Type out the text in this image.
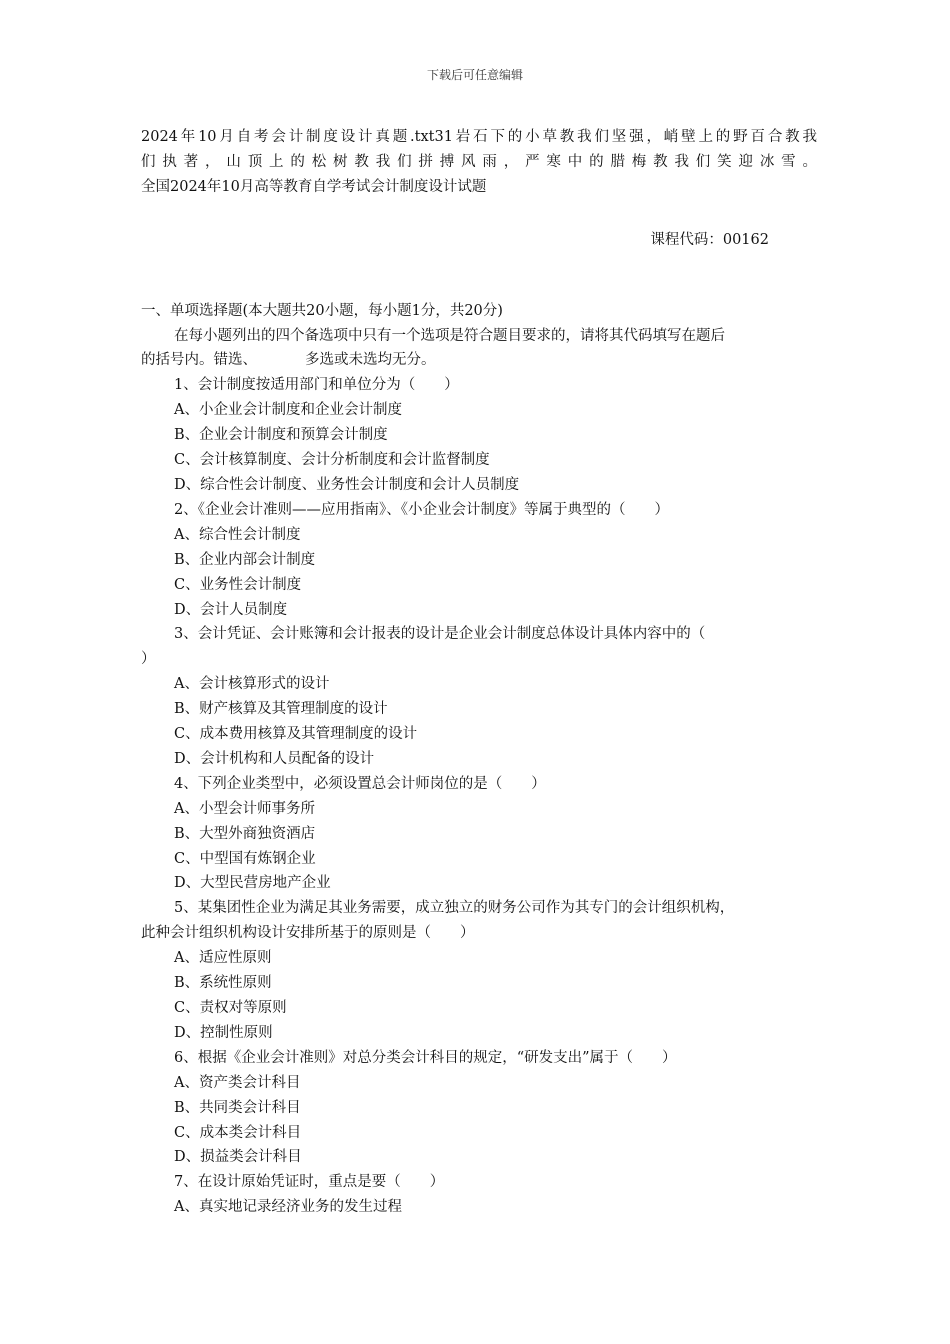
下载后可任意编辑

2024年10月自考会计制度设计真题.txt31岩石下的小草教我们坚强，峭壁上的野百合教我

们执著，山顶上的松树教我们拼搏风雨，严寒中的腊梅教我们笑迎冰雪。

全国2024年10月高等教育自学考试会计制度设计试题

课程代码：00162

一、单项选择题(本大题共20小题，每小题1分，共20分)

在每小题列出的四个备选项中只有一个选项是符合题目要求的，请将其代码填写在题后

的括号内。错选、	多选或未选均无分。

1、会计制度按适用部门和单位分为（　　）

A、小企业会计制度和企业会计制度

B、企业会计制度和预算会计制度

C、会计核算制度、会计分析制度和会计监督制度

D、综合性会计制度、业务性会计制度和会计人员制度

2、《企业会计准则——应用指南》、《小企业会计制度》等属于典型的（　　）

A、综合性会计制度

B、企业内部会计制度

C、业务性会计制度

D、会计人员制度

3、会计凭证、会计账簿和会计报表的设计是企业会计制度总体设计具体内容中的（

）

A、会计核算形式的设计

B、财产核算及其管理制度的设计

C、成本费用核算及其管理制度的设计

D、会计机构和人员配备的设计

4、下列企业类型中，必须设置总会计师岗位的是（　　）

A、小型会计师事务所

B、大型外商独资酒店

C、中型国有炼钢企业

D、大型民营房地产企业

5、某集团性企业为满足其业务需要，成立独立的财务公司作为其专门的会计组织机构，

此种会计组织机构设计安排所基于的原则是（　　）

A、适应性原则

B、系统性原则

C、责权对等原则

D、控制性原则

6、根据《企业会计准则》对总分类会计科目的规定，“研发支出”属于（　　）

A、资产类会计科目

B、共同类会计科目

C、成本类会计科目

D、损益类会计科目

7、在设计原始凭证时，重点是要（　　）

A、真实地记录经济业务的发生过程
